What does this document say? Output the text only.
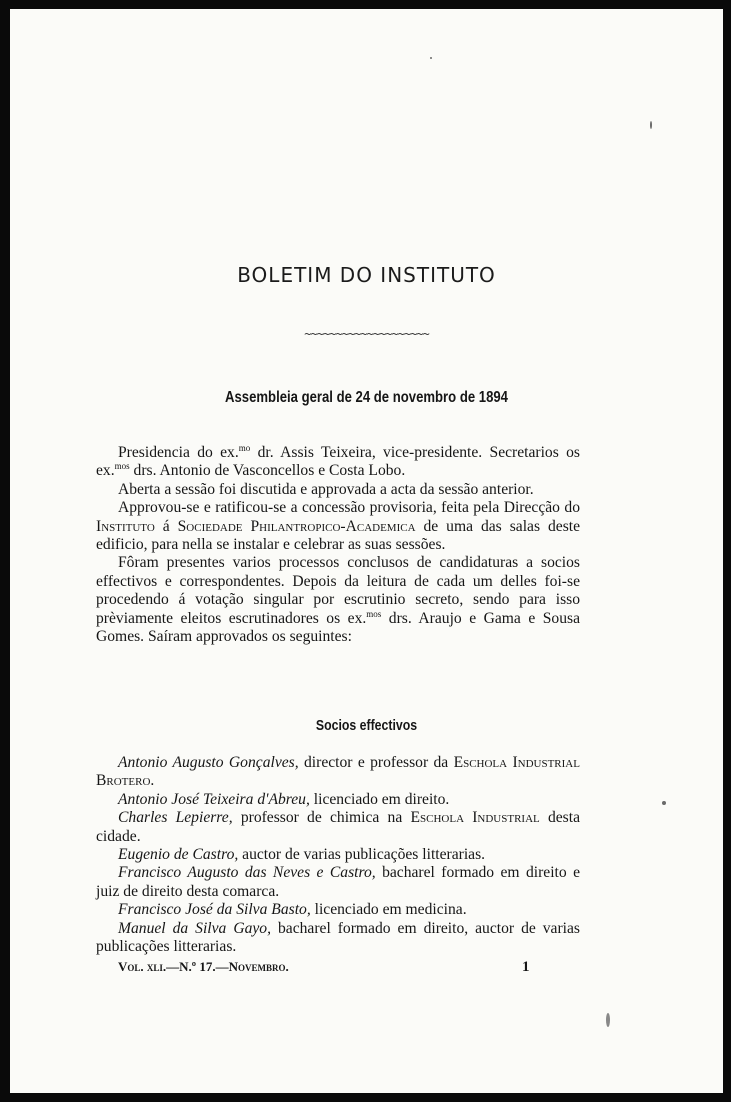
BOLETIM DO INSTITUTO
~~~~~~~~~~~~~~~~~~~~
Assembleia geral de 24 de novembro de 1894

Presidencia do ex.$^{mo}$ dr. Assis Teixeira, vice-presidente. Secretarios os ex.$^{mos}$ drs. Antonio de Vasconcellos e Costa Lobo.

Aberta a sessão foi discutida e approvada a acta da sessão anterior.

Approvou-se e ratificou-se a concessão provisoria, feita pela Direcção do Instituto á Sociedade Philantropico-Academica de uma das salas deste edificio, para nella se instalar e celebrar as suas sessões.

Fôram presentes varios processos conclusos de candidaturas a socios effectivos e correspondentes. Depois da leitura de cada um delles foi-se procedendo á votação singular por escrutinio secreto, sendo para isso prèviamente eleitos escrutinadores os ex.$^{mos}$ drs. Araujo e Gama e Sousa Gomes. Saíram approvados os seguintes:

Socios effectivos

Antonio Augusto Gonçalves, director e professor da Eschola Industrial Brotero.

Antonio José Teixeira d'Abreu, licenciado em direito.

Charles Lepierre, professor de chimica na Eschola Industrial desta cidade.

Eugenio de Castro, auctor de varias publicações litterarias.

Francisco Augusto das Neves e Castro, bacharel formado em direito e juiz de direito desta comarca.

Francisco José da Silva Basto, licenciado em medicina.

Manuel da Silva Gayo, bacharel formado em direito, auctor de varias publicações litterarias.

Vol. xli.—N.º 17.—Novembro.	1
